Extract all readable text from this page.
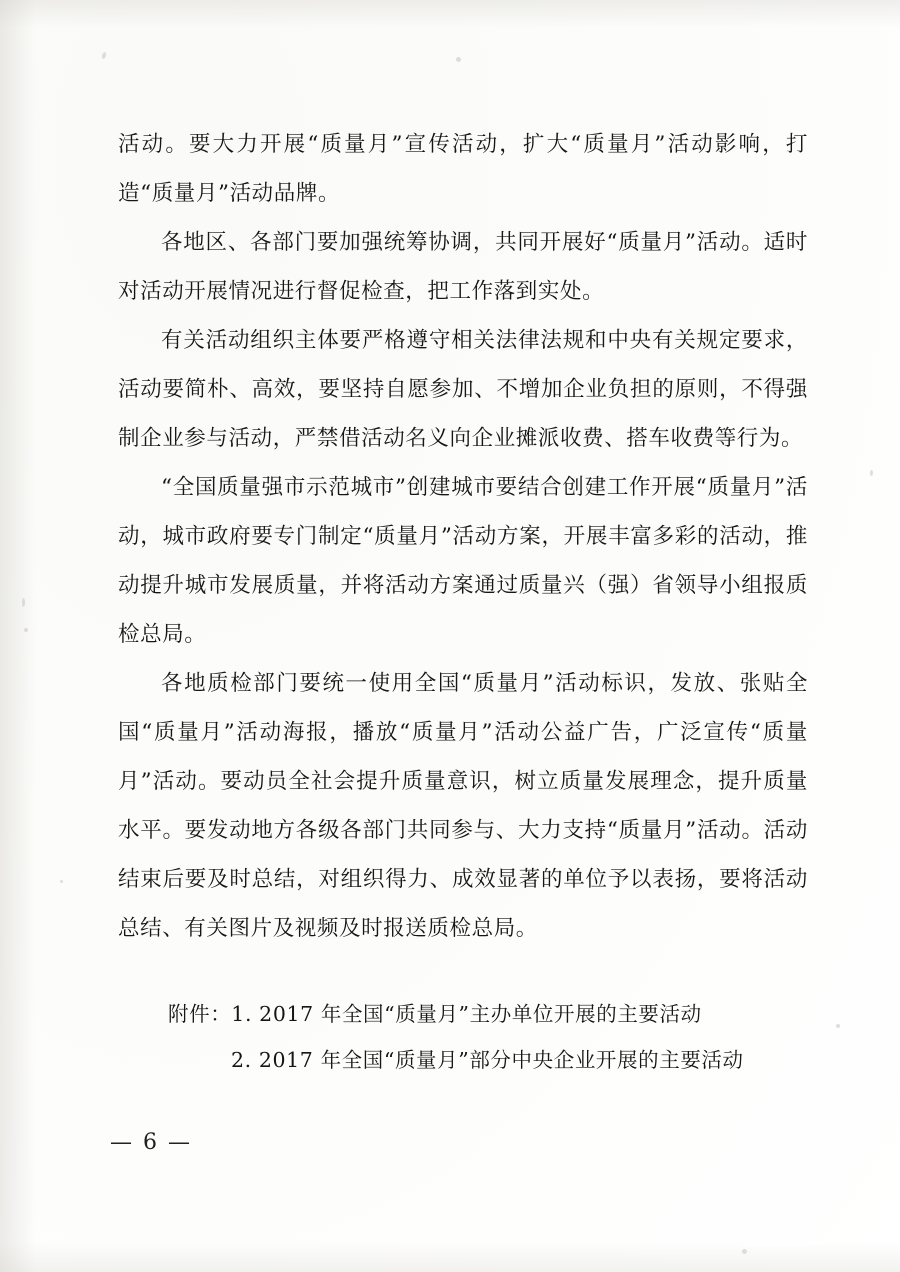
活动。要大力开展“质量月”宣传活动，扩大“质量月”活动影响，打造“质量月”活动品牌。

各地区、各部门要加强统筹协调，共同开展好“质量月”活动。适时对活动开展情况进行督促检查，把工作落到实处。

有关活动组织主体要严格遵守相关法律法规和中央有关规定要求，活动要简朴、高效，要坚持自愿参加、不增加企业负担的原则，不得强制企业参与活动，严禁借活动名义向企业摊派收费、搭车收费等行为。

“全国质量强市示范城市”创建城市要结合创建工作开展“质量月”活动，城市政府要专门制定“质量月”活动方案，开展丰富多彩的活动，推动提升城市发展质量，并将活动方案通过质量兴（强）省领导小组报质检总局。

各地质检部门要统一使用全国“质量月”活动标识，发放、张贴全国“质量月”活动海报，播放“质量月”活动公益广告，广泛宣传“质量月”活动。要动员全社会提升质量意识，树立质量发展理念，提升质量水平。要发动地方各级各部门共同参与、大力支持“质量月”活动。活动结束后要及时总结，对组织得力、成效显著的单位予以表扬，要将活动总结、有关图片及视频及时报送质检总局。

附件：1. 2017 年全国“质量月”主办单位开展的主要活动
2. 2017 年全国“质量月”部分中央企业开展的主要活动
— 6 —
